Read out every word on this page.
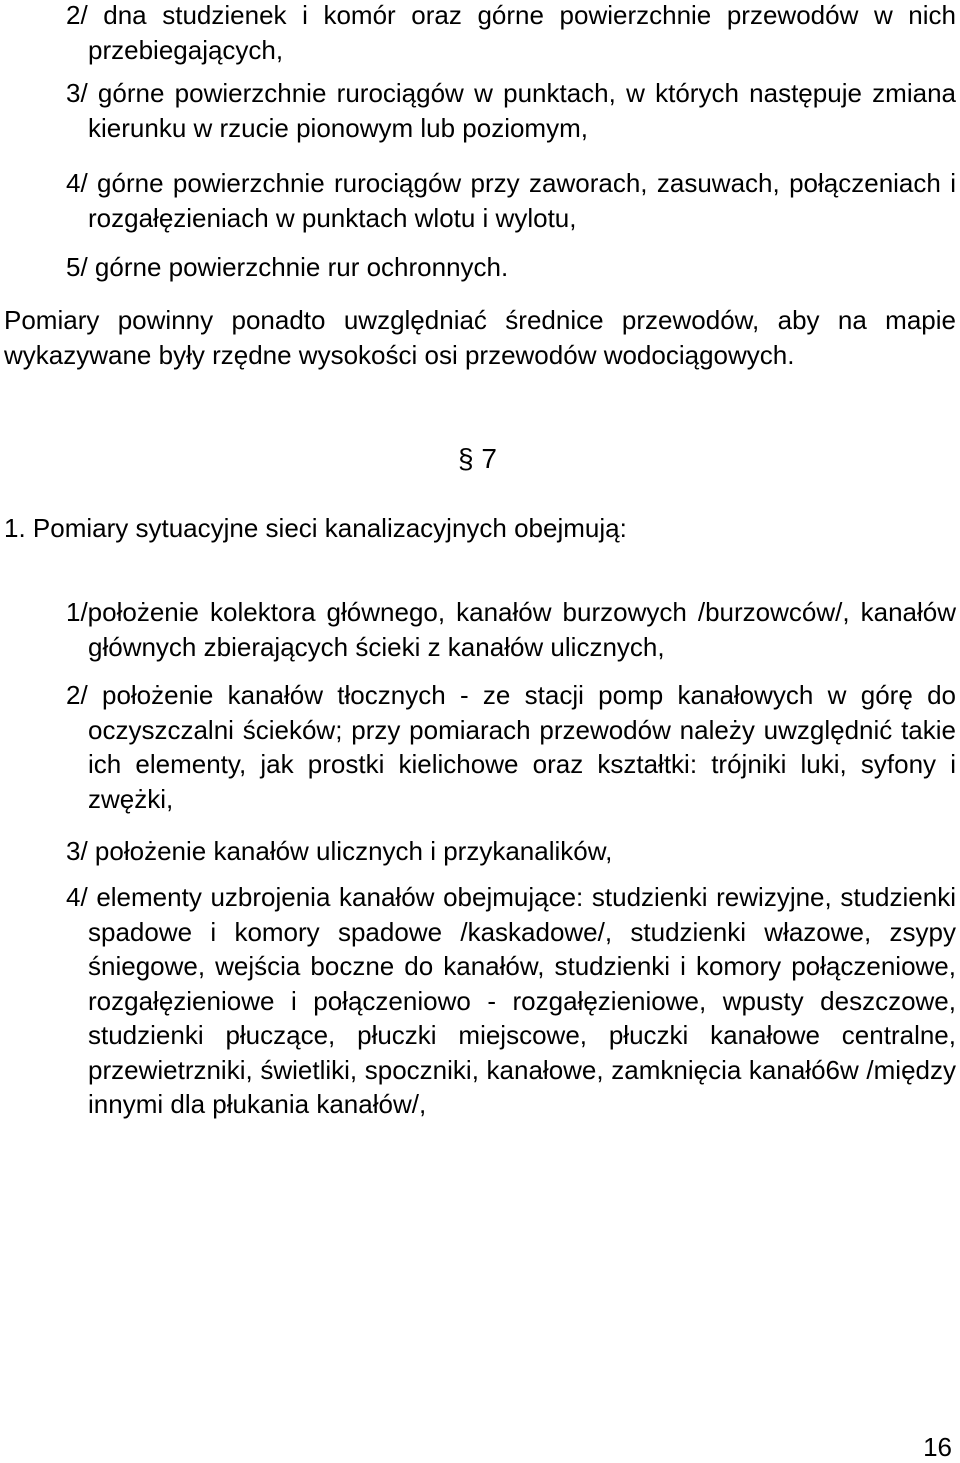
2/ dna studzienek i komór oraz górne powierzchnie przewodów w nich przebiegających,
3/ górne powierzchnie rurociągów w punktach, w których następuje zmiana kierunku w rzucie pionowym lub poziomym,
4/ górne powierzchnie rurociągów przy zaworach, zasuwach, połączeniach i rozgałęzieniach w punktach wlotu i wylotu,
5/ górne powierzchnie rur ochronnych.
Pomiary powinny ponadto uwzględniać średnice przewodów, aby na mapie wykazywane były rzędne wysokości osi przewodów wodociągowych.
§ 7
1. Pomiary sytuacyjne sieci kanalizacyjnych obejmują:
1/położenie kolektora głównego, kanałów burzowych /burzowców/, kanałów głównych zbierających ścieki z kanałów ulicznych,
2/ położenie kanałów tłocznych - ze stacji pomp kanałowych w górę do oczyszczalni ścieków; przy pomiarach przewodów należy uwzględnić takie ich elementy, jak prostki kielichowe oraz kształtki: trójniki luki, syfony i zwężki,
3/ położenie kanałów ulicznych i przykanalików,
4/ elementy uzbrojenia kanałów obejmujące: studzienki rewizyjne, studzienki spadowe i komory spadowe /kaskadowe/, studzienki włazowe, zsypy śniegowe, wejścia boczne do kanałów, studzienki i komory połączeniowe, rozgałęzieniowe i połączeniowo - rozgałęzieniowe, wpusty deszczowe, studzienki płuczące, płuczki miejscowe, płuczki kanałowe centralne, przewietrzniki, świetliki, spoczniki, kanałowe, zamknięcia kanałó6w /między innymi dla płukania kanałów/,
16
